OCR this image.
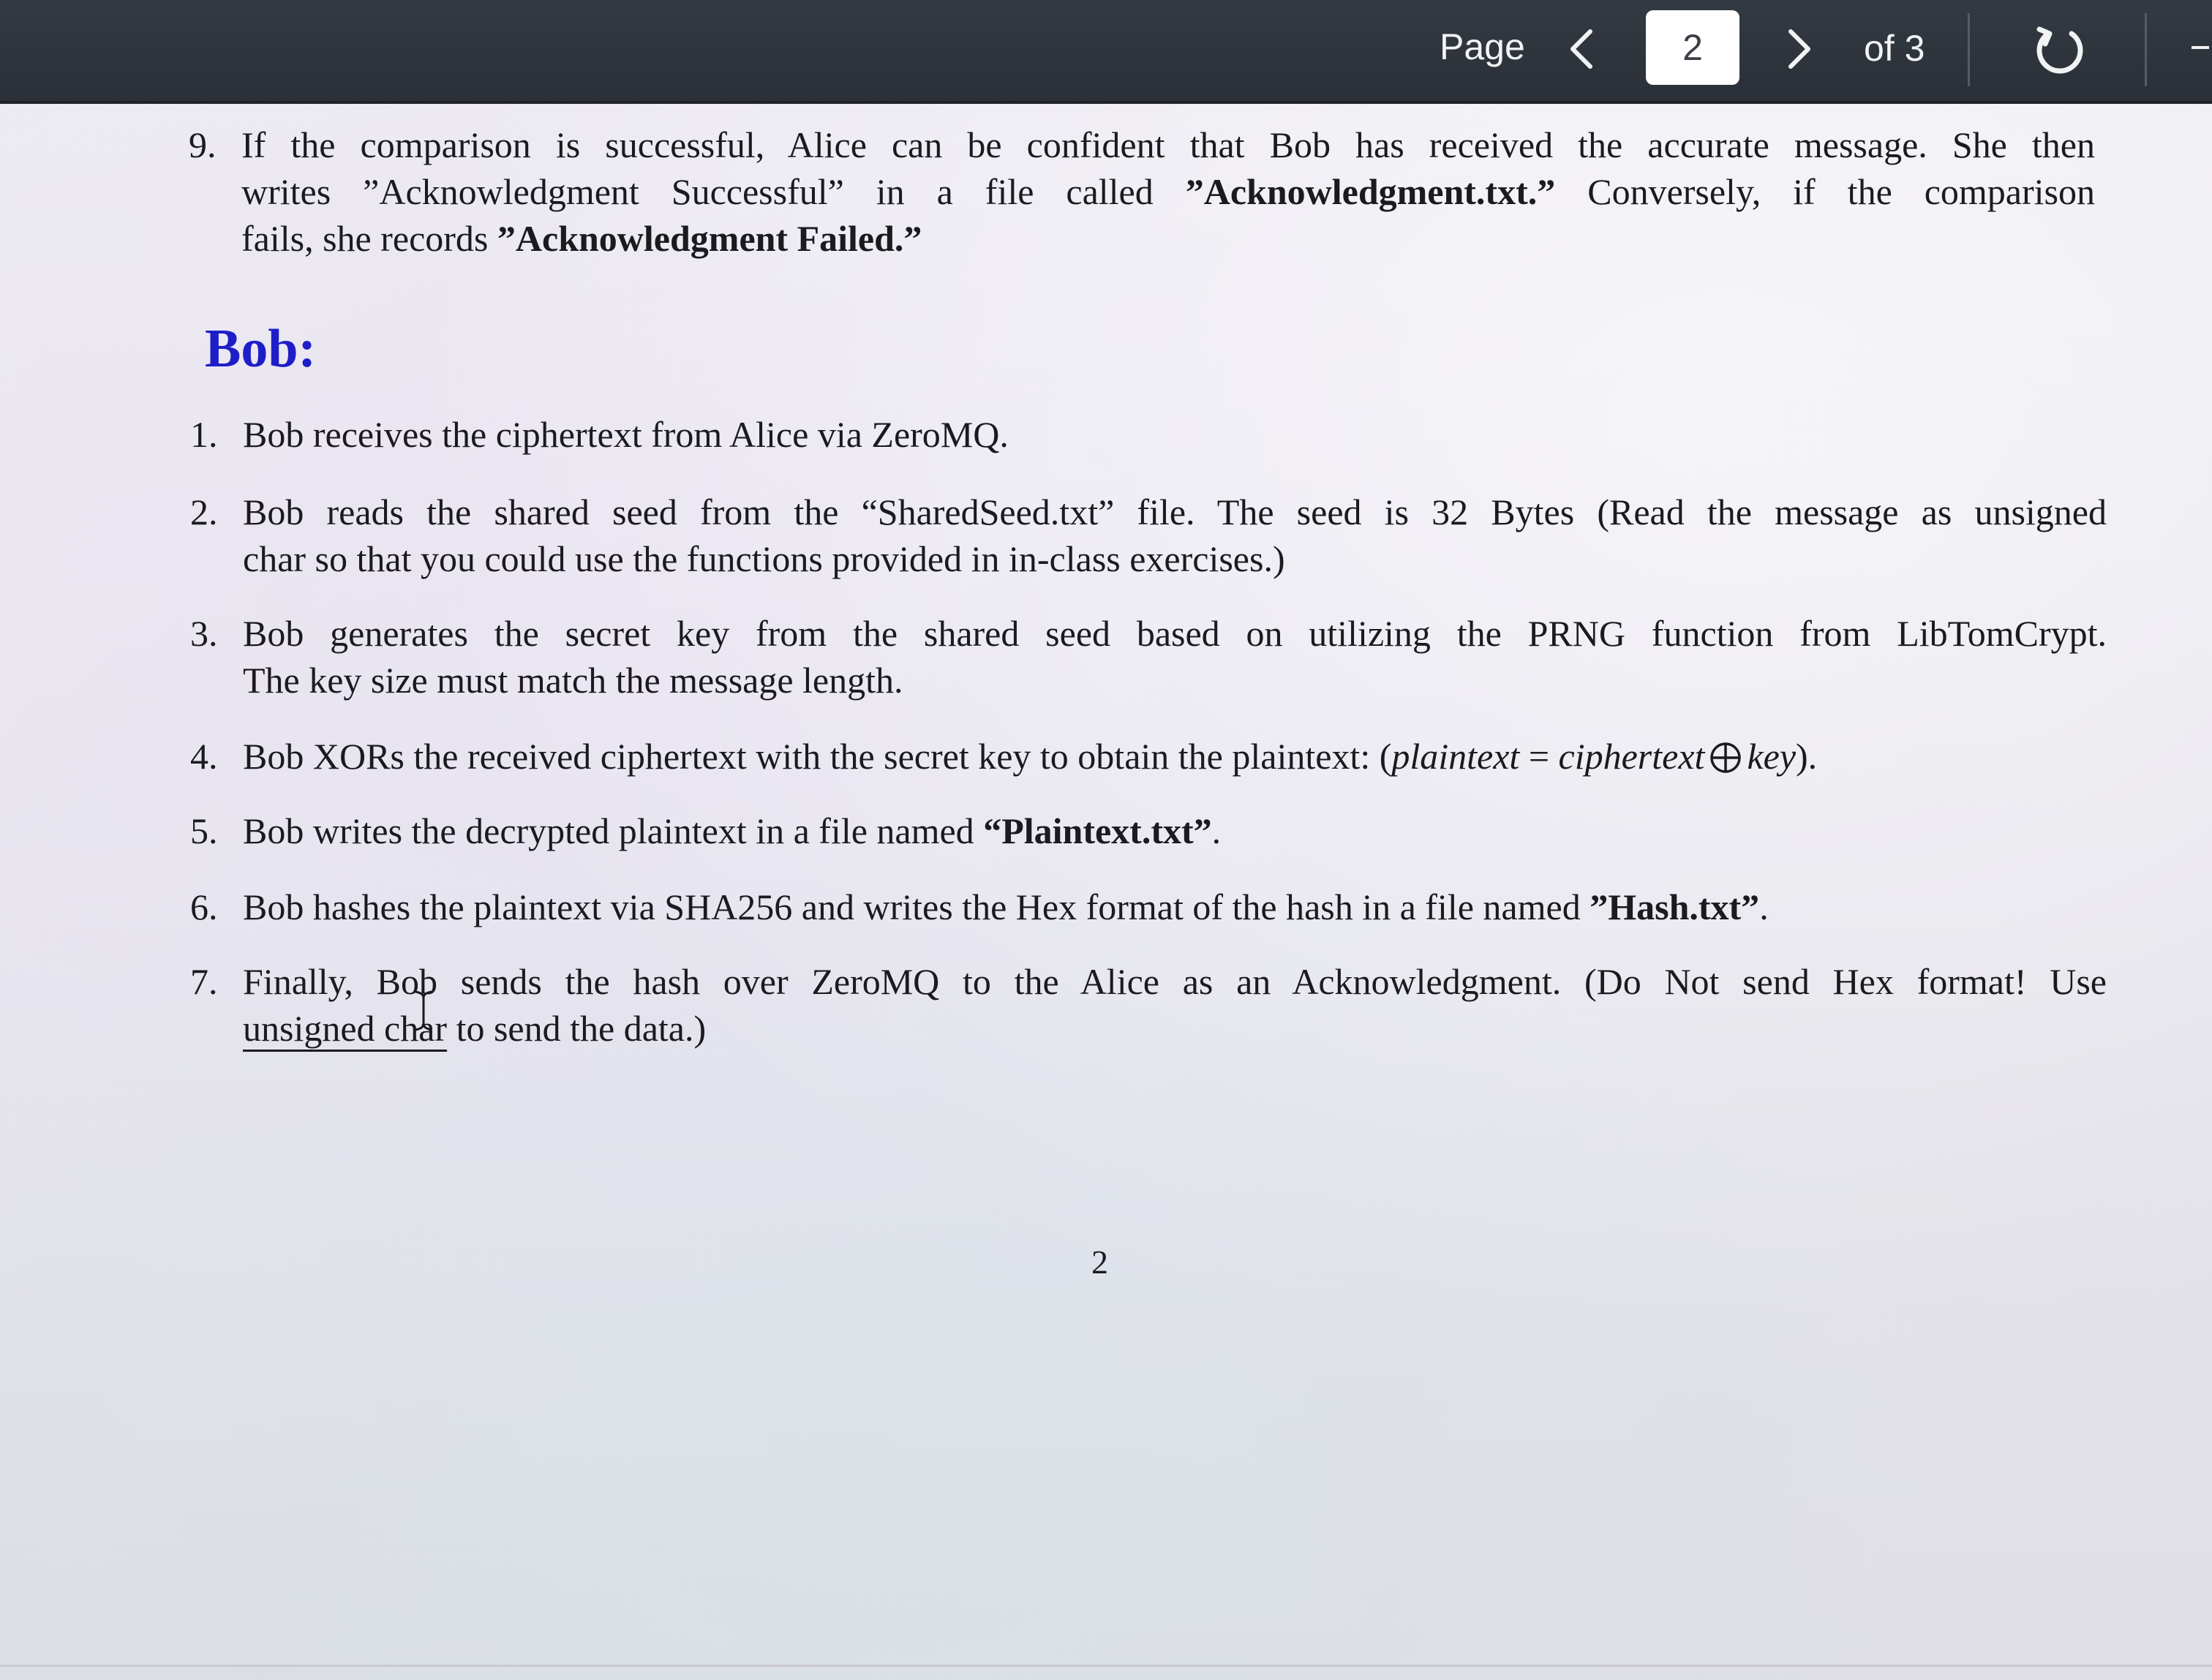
Page
2	of 3
9. If the comparison is successful, Alice can be confident that Bob has received the accurate message. She then
writes ”Acknowledgment Successful” in a file called ”Acknowledgment.txt.” Conversely, if the comparison
fails, she records ”Acknowledgment Failed.”
Bob:
1. Bob receives the ciphertext from Alice via ZeroMQ.
2. Bob reads the shared seed from the “SharedSeed.txt” file. The seed is 32 Bytes (Read the message as unsigned
char so that you could use the functions provided in in-class exercises.)
3. Bob generates the secret key from the shared seed based on utilizing the PRNG function from LibTomCrypt.
The key size must match the message length.
4. Bob XORs the received ciphertext with the secret key to obtain the plaintext: (plaintext = ciphertext key).
5. Bob writes the decrypted plaintext in a file named “Plaintext.txt”.
6. Bob hashes the plaintext via SHA256 and writes the Hex format of the hash in a file named ”Hash.txt”.
7. Finally, Bob sends the hash over ZeroMQ to the Alice as an Acknowledgment. (Do Not send Hex format! Use
unsigned char to send the data.)
2
